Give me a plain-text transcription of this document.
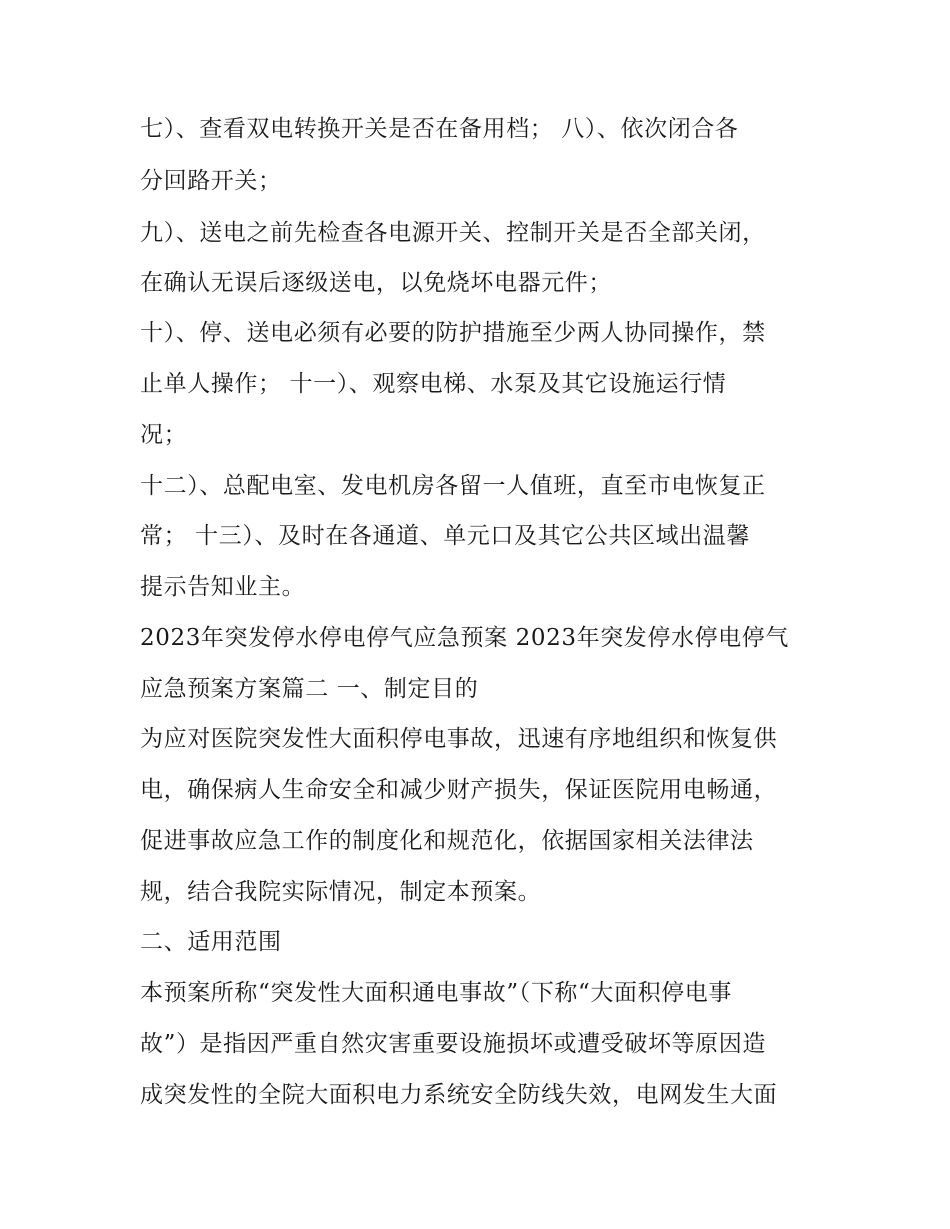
七）、查看双电转换开关是否在备用档； 八）、依次闭合各
分回路开关；
九）、送电之前先检查各电源开关、控制开关是否全部关闭，
在确认无误后逐级送电，以免烧坏电器元件；
十）、停、送电必须有必要的防护措施至少两人协同操作，禁
止单人操作； 十一）、观察电梯、水泵及其它设施运行情
况；
十二）、总配电室、发电机房各留一人值班，直至市电恢复正
常； 十三）、及时在各通道、单元口及其它公共区域出温馨
提示告知业主。
2023年突发停水停电停气应急预案 2023年突发停水停电停气
应急预案方案篇二 一、制定目的
为应对医院突发性大面积停电事故，迅速有序地组织和恢复供
电，确保病人生命安全和减少财产损失，保证医院用电畅通，
促进事故应急工作的制度化和规范化，依据国家相关法律法
规，结合我院实际情况，制定本预案。
二、适用范围
本预案所称“突发性大面积通电事故”（下称“大面积停电事
故”）是指因严重自然灾害重要设施损坏或遭受破坏等原因造
成突发性的全院大面积电力系统安全防线失效，电网发生大面
